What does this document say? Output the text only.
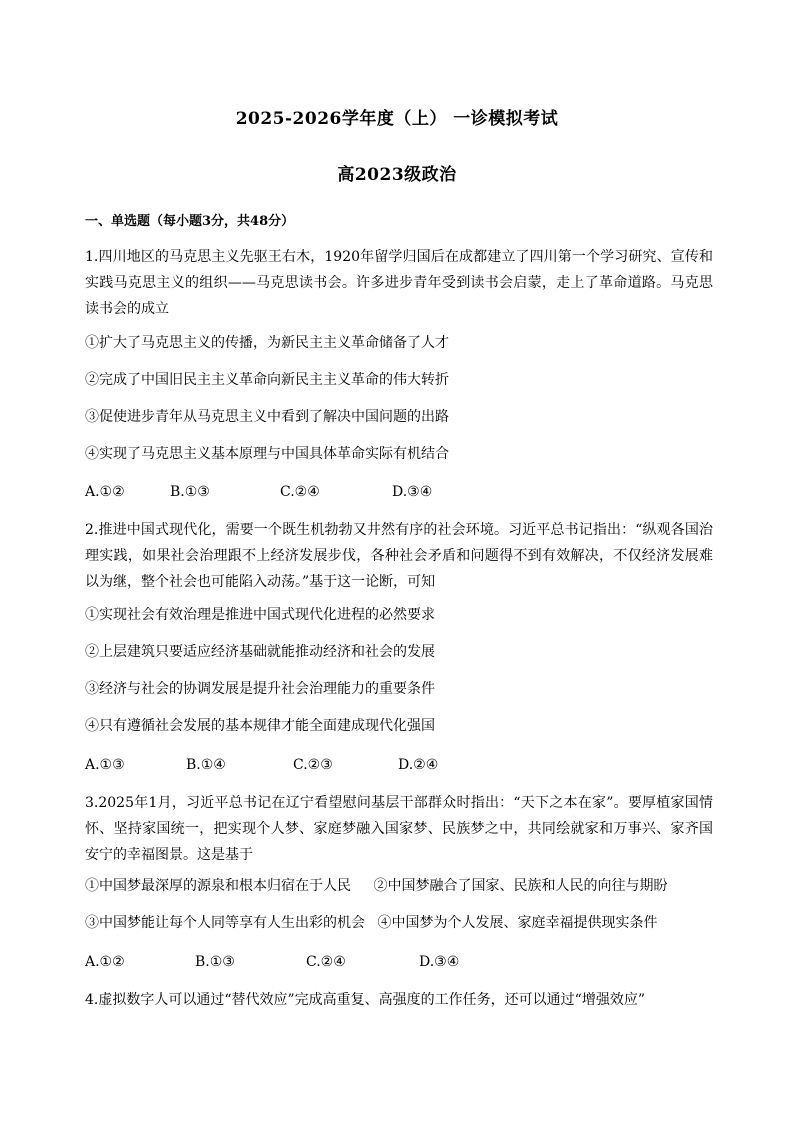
2025-2026学年度（上） 一诊模拟考试
高2023级政治
一、单选题（每小题3分，共48分）
1.四川地区的马克思主义先驱王右木，1920年留学归国后在成都建立了四川第一个学习研究、宣传和实践马克思主义的组织——马克思读书会。许多进步青年受到读书会启蒙，走上了革命道路。马克思读书会的成立
①扩大了马克思主义的传播，为新民主主义革命储备了人才
②完成了中国旧民主主义革命向新民主主义革命的伟大转折
③促使进步青年从马克思主义中看到了解决中国问题的出路
④实现了马克思主义基本原理与中国具体革命实际有机结合
A.①②	B.①③	C.②④	D.③④
2.推进中国式现代化，需要一个既生机勃勃又井然有序的社会环境。习近平总书记指出：“纵观各国治理实践，如果社会治理跟不上经济发展步伐，各种社会矛盾和问题得不到有效解决，不仅经济发展难以为继，整个社会也可能陷入动荡。”基于这一论断，可知
①实现社会有效治理是推进中国式现代化进程的必然要求
②上层建筑只要适应经济基础就能推动经济和社会的发展
③经济与社会的协调发展是提升社会治理能力的重要条件
④只有遵循社会发展的基本规律才能全面建成现代化强国
A.①③	B.①④	C.②③	D.②④
3.2025年1月，习近平总书记在辽宁看望慰问基层干部群众时指出：“天下之本在家”。要厚植家国情怀、坚持家国统一，把实现个人梦、家庭梦融入国家梦、民族梦之中，共同绘就家和万事兴、家齐国安宁的幸福图景。这是基于
①中国梦最深厚的源泉和根本归宿在于人民 ②中国梦融合了国家、民族和人民的向往与期盼
③中国梦能让每个人同等享有人生出彩的机会 ④中国梦为个人发展、家庭幸福提供现实条件
A.①②	B.①③	C.②④	D.③④
4.虚拟数字人可以通过“替代效应”完成高重复、高强度的工作任务，还可以通过“增强效应”
